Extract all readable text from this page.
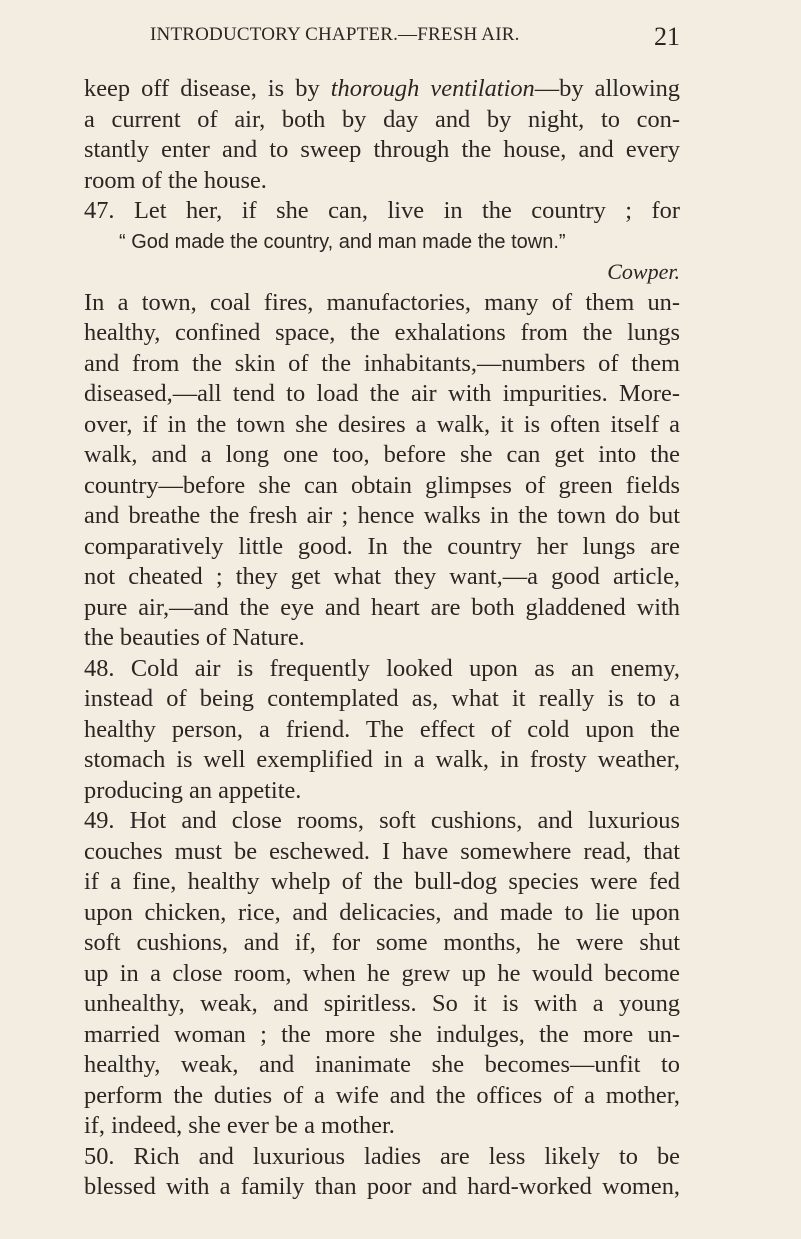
INTRODUCTORY CHAPTER.—FRESH AIR.	21
keep off disease, is by thorough ventilation—by allowing
a current of air, both by day and by night, to con-
stantly enter and to sweep through the house, and every
room of the house.
47. Let her, if she can, live in the country ; for
“ God made the country, and man made the town.”
Cowper.
In a town, coal fires, manufactories, many of them un-
healthy, confined space, the exhalations from the lungs
and from the skin of the inhabitants,—numbers of them
diseased,—all tend to load the air with impurities. More-
over, if in the town she desires a walk, it is often itself a
walk, and a long one too, before she can get into the
country—before she can obtain glimpses of green fields
and breathe the fresh air ; hence walks in the town do but
comparatively little good. In the country her lungs are
not cheated ; they get what they want,—a good article,
pure air,—and the eye and heart are both gladdened with
the beauties of Nature.
48. Cold air is frequently looked upon as an enemy,
instead of being contemplated as, what it really is to a
healthy person, a friend. The effect of cold upon the
stomach is well exemplified in a walk, in frosty weather,
producing an appetite.
49. Hot and close rooms, soft cushions, and luxurious
couches must be eschewed. I have somewhere read, that
if a fine, healthy whelp of the bull-dog species were fed
upon chicken, rice, and delicacies, and made to lie upon
soft cushions, and if, for some months, he were shut
up in a close room, when he grew up he would become
unhealthy, weak, and spiritless. So it is with a young
married woman ; the more she indulges, the more un-
healthy, weak, and inanimate she becomes—unfit to
perform the duties of a wife and the offices of a mother,
if, indeed, she ever be a mother.
50. Rich and luxurious ladies are less likely to be
blessed with a family than poor and hard-worked women,
